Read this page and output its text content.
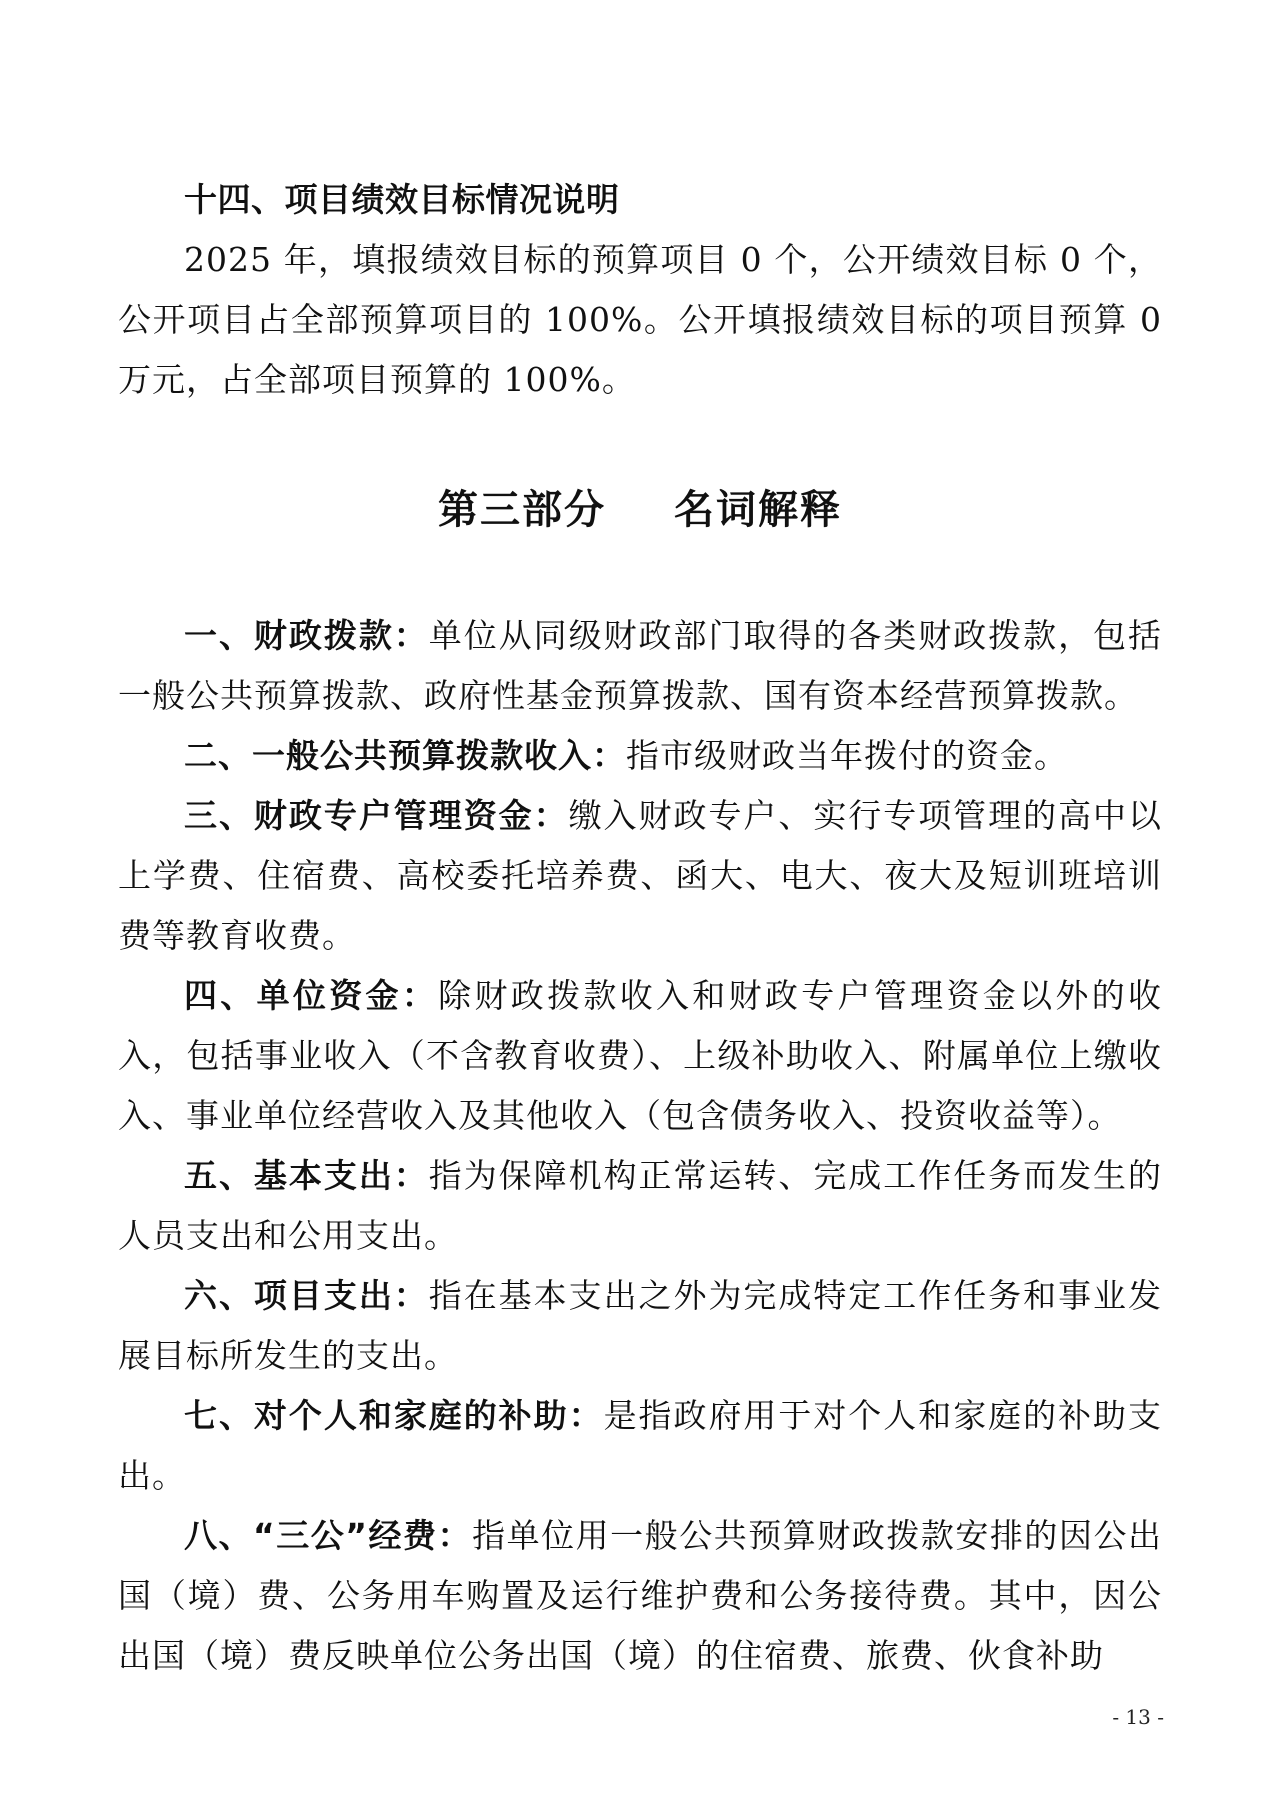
十四、项目绩效目标情况说明

2025 年，填报绩效目标的预算项目 0 个，公开绩效目标 0 个，公开项目占全部预算项目的 100%。公开填报绩效目标的项目预算 0 万元，占全部项目预算的 100%。

第三部分 名词解释

一、财政拨款：单位从同级财政部门取得的各类财政拨款，包括一般公共预算拨款、政府性基金预算拨款、国有资本经营预算拨款。

二、一般公共预算拨款收入：指市级财政当年拨付的资金。

三、财政专户管理资金：缴入财政专户、实行专项管理的高中以上学费、住宿费、高校委托培养费、函大、电大、夜大及短训班培训费等教育收费。

四、单位资金：除财政拨款收入和财政专户管理资金以外的收入，包括事业收入（不含教育收费）、上级补助收入、附属单位上缴收入、事业单位经营收入及其他收入（包含债务收入、投资收益等）。

五、基本支出：指为保障机构正常运转、完成工作任务而发生的人员支出和公用支出。

六、项目支出：指在基本支出之外为完成特定工作任务和事业发展目标所发生的支出。

七、对个人和家庭的补助：是指政府用于对个人和家庭的补助支出。

八、“三公”经费：指单位用一般公共预算财政拨款安排的因公出国（境）费、公务用车购置及运行维护费和公务接待费。其中，因公出国（境）费反映单位公务出国（境）的住宿费、旅费、伙食补助

- 13 -
